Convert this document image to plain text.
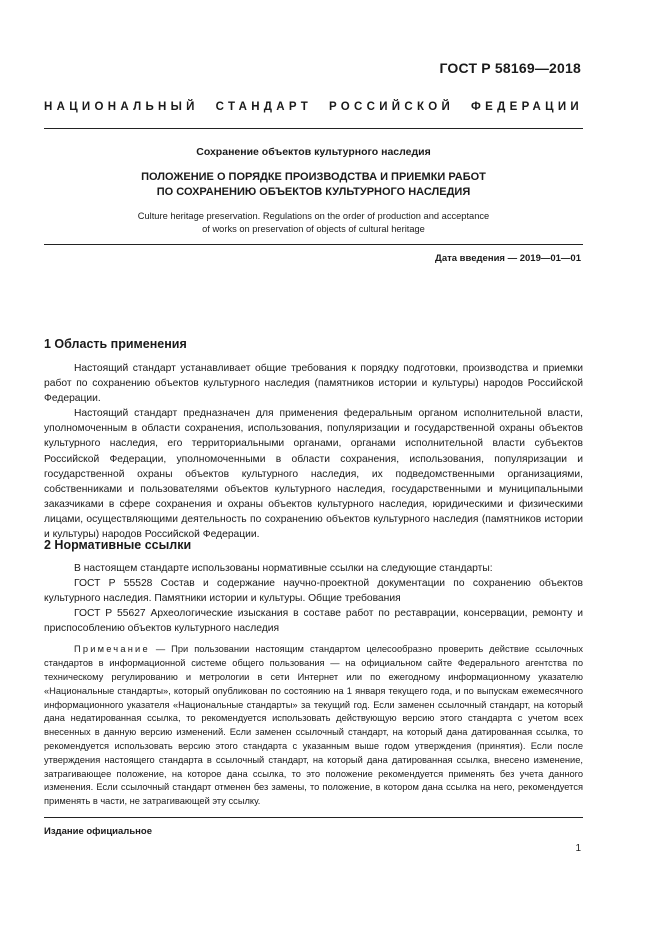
ГОСТ Р 58169—2018
НАЦИОНАЛЬНЫЙ СТАНДАРТ РОССИЙСКОЙ ФЕДЕРАЦИИ
Сохранение объектов культурного наследия
ПОЛОЖЕНИЕ О ПОРЯДКЕ ПРОИЗВОДСТВА И ПРИЕМКИ РАБОТ
ПО СОХРАНЕНИЮ ОБЪЕКТОВ КУЛЬТУРНОГО НАСЛЕДИЯ
Culture heritage preservation. Regulations on the order of production and acceptance
of works on preservation of objects of cultural heritage
Дата введения — 2019—01—01
1 Область применения

Настоящий стандарт устанавливает общие требования к порядку подготовки, производства и приемки работ по сохранению объектов культурного наследия (памятников истории и культуры) народов Российской Федерации.

Настоящий стандарт предназначен для применения федеральным органом исполнительной власти, уполномоченным в области сохранения, использования, популяризации и государственной охраны объектов культурного наследия, его территориальными органами, органами исполнительной власти субъектов Российской Федерации, уполномоченными в области сохранения, использования, популяризации и государственной охраны объектов культурного наследия, их подведомственными организациями, собственниками и пользователями объектов культурного наследия, государственными и муниципальными заказчиками в сфере сохранения и охраны объектов культурного наследия, юридическими и физическими лицами, осуществляющими деятельность по сохранению объектов культурного наследия (памятников истории и культуры) народов Российской Федерации.

2 Нормативные ссылки

В настоящем стандарте использованы нормативные ссылки на следующие стандарты:

ГОСТ Р 55528 Состав и содержание научно-проектной документации по сохранению объектов культурного наследия. Памятники истории и культуры. Общие требования

ГОСТ Р 55627 Археологические изыскания в составе работ по реставрации, консервации, ремонту и приспособлению объектов культурного наследия

Примечание — При пользовании настоящим стандартом целесообразно проверить действие ссылочных стандартов в информационной системе общего пользования — на официальном сайте Федерального агентства по техническому регулированию и метрологии в сети Интернет или по ежегодному информационному указателю «Национальные стандарты», который опубликован по состоянию на 1 января текущего года, и по выпускам ежемесячного информационного указателя «Национальные стандарты» за текущий год. Если заменен ссылочный стандарт, на который дана недатированная ссылка, то рекомендуется использовать действующую версию этого стандарта с учетом всех внесенных в данную версию изменений. Если заменен ссылочный стандарт, на который дана датированная ссылка, то рекомендуется использовать версию этого стандарта с указанным выше годом утверждения (принятия). Если после утверждения настоящего стандарта в ссылочный стандарт, на который дана датированная ссылка, внесено изменение, затрагивающее положение, на которое дана ссылка, то это положение рекомендуется применять без учета данного изменения. Если ссылочный стандарт отменен без замены, то положение, в котором дана ссылка на него, рекомендуется применять в части, не затрагивающей эту ссылку.

Издание официальное
1
